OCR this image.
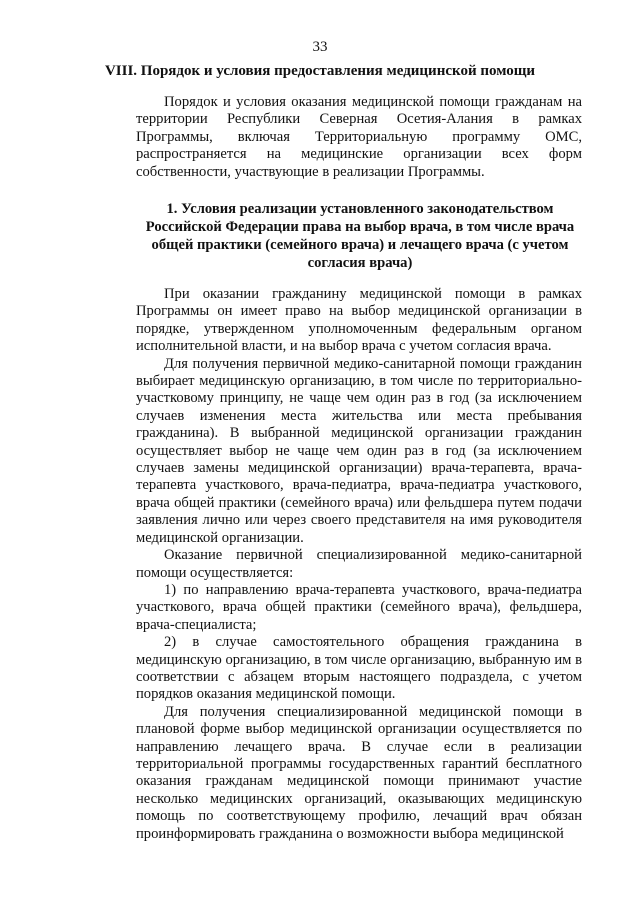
33
VIII. Порядок и условия предоставления медицинской помощи

Порядок и условия оказания медицинской помощи гражданам на территории Республики Северная Осетия-Алания в рамках Программы, включая Территориальную программу ОМС, распространяется на медицинские организации всех форм собственности, участвующие в реализации Программы.

1. Условия реализации установленного законодательством Российской Федерации права на выбор врача, в том числе врача общей практики (семейного врача) и лечащего врача (с учетом согласия врача)

При оказании гражданину медицинской помощи в рамках Программы он имеет право на выбор медицинской организации в порядке, утвержденном уполномоченным федеральным органом исполнительной власти, и на выбор врача с учетом согласия врача.

Для получения первичной медико-санитарной помощи гражданин выбирает медицинскую организацию, в том числе по территориально-участковому принципу, не чаще чем один раз в год (за исключением случаев изменения места жительства или места пребывания гражданина). В выбранной медицинской организации гражданин осуществляет выбор не чаще чем один раз в год (за исключением случаев замены медицинской организации) врача-терапевта, врача-терапевта участкового, врача-педиатра, врача-педиатра участкового, врача общей практики (семейного врача) или фельдшера путем подачи заявления лично или через своего представителя на имя руководителя медицинской организации.

Оказание первичной специализированной медико-санитарной помощи осуществляется:

1) по направлению врача-терапевта участкового, врача-педиатра участкового, врача общей практики (семейного врача), фельдшера, врача-специалиста;

2) в случае самостоятельного обращения гражданина в медицинскую организацию, в том числе организацию, выбранную им в соответствии с абзацем вторым настоящего подраздела, с учетом порядков оказания медицинской помощи.

Для получения специализированной медицинской помощи в плановой форме выбор медицинской организации осуществляется по направлению лечащего врача. В случае если в реализации территориальной программы государственных гарантий бесплатного оказания гражданам медицинской помощи принимают участие несколько медицинских организаций, оказывающих медицинскую помощь по соответствующему профилю, лечащий врач обязан проинформировать гражданина о возможности выбора медицинской
